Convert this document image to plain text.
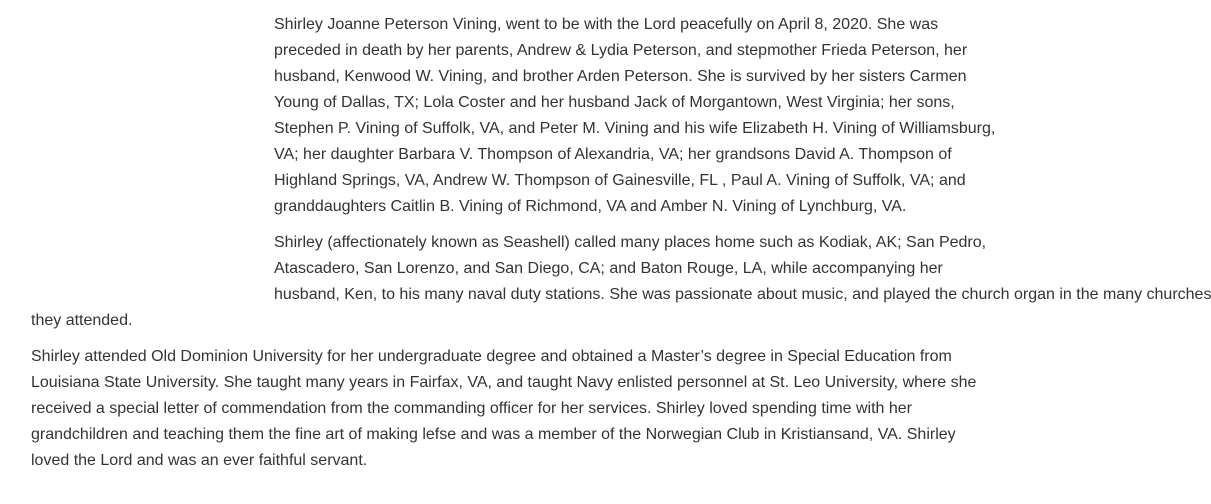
Shirley Joanne Peterson Vining, went to be with the Lord peacefully on April 8, 2020. She was
preceded in death by her parents, Andrew & Lydia Peterson, and stepmother Frieda Peterson, her
husband, Kenwood W. Vining, and brother Arden Peterson. She is survived by her sisters Carmen
Young of Dallas, TX; Lola Coster and her husband Jack of Morgantown, West Virginia; her sons,
Stephen P. Vining of Suffolk, VA, and Peter M. Vining and his wife Elizabeth H. Vining of Williamsburg,
VA; her daughter Barbara V. Thompson of Alexandria, VA; her grandsons David A. Thompson of
Highland Springs, VA, Andrew W. Thompson of Gainesville, FL , Paul A. Vining of Suffolk, VA; and
granddaughters Caitlin B. Vining of Richmond, VA and Amber N. Vining of Lynchburg, VA.

Shirley (affectionately known as Seashell) called many places home such as Kodiak, AK; San Pedro,
Atascadero, San Lorenzo, and San Diego, CA; and Baton Rouge, LA, while accompanying her
husband, Ken, to his many naval duty stations. She was passionate about music, and played the church organ in the many churches
they attended.

Shirley attended Old Dominion University for her undergraduate degree and obtained a Master’s degree in Special Education from
Louisiana State University. She taught many years in Fairfax, VA, and taught Navy enlisted personnel at St. Leo University, where she
received a special letter of commendation from the commanding officer for her services. Shirley loved spending time with her
grandchildren and teaching them the fine art of making lefse and was a member of the Norwegian Club in Kristiansand, VA. Shirley
loved the Lord and was an ever faithful servant.
